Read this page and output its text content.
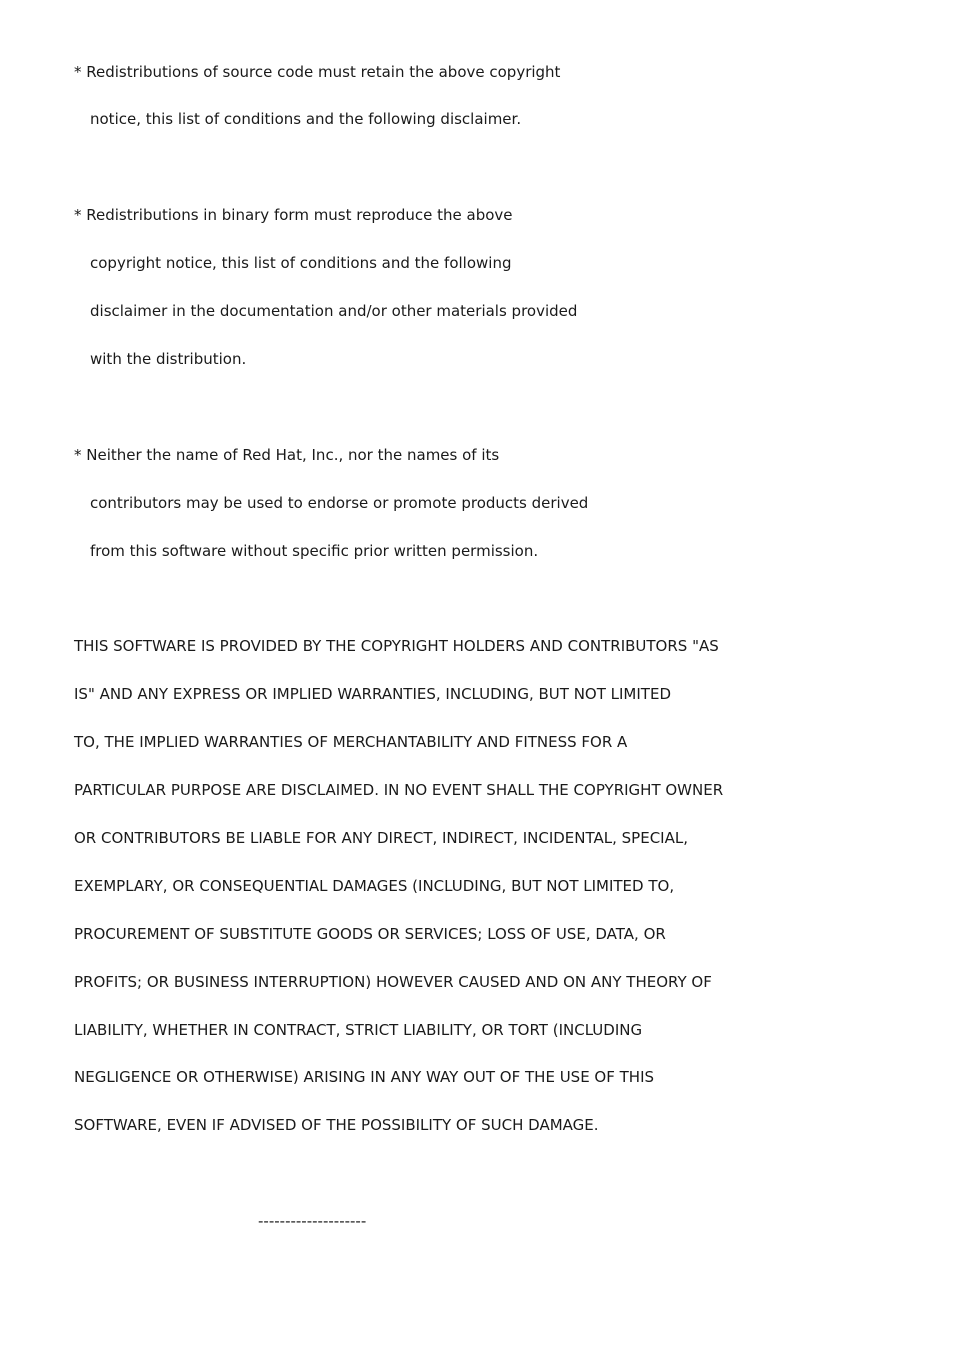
* Redistributions of source code must retain the above copyright
notice, this list of conditions and the following disclaimer.
* Redistributions in binary form must reproduce the above
copyright notice, this list of conditions and the following
disclaimer in the documentation and/or other materials provided
with the distribution.
* Neither the name of Red Hat, Inc., nor the names of its
contributors may be used to endorse or promote products derived
from this software without specific prior written permission.
THIS SOFTWARE IS PROVIDED BY THE COPYRIGHT HOLDERS AND CONTRIBUTORS "AS
IS" AND ANY EXPRESS OR IMPLIED WARRANTIES, INCLUDING, BUT NOT LIMITED
TO, THE IMPLIED WARRANTIES OF MERCHANTABILITY AND FITNESS FOR A
PARTICULAR PURPOSE ARE DISCLAIMED. IN NO EVENT SHALL THE COPYRIGHT OWNER
OR CONTRIBUTORS BE LIABLE FOR ANY DIRECT, INDIRECT, INCIDENTAL, SPECIAL,
EXEMPLARY, OR CONSEQUENTIAL DAMAGES (INCLUDING, BUT NOT LIMITED TO,
PROCUREMENT OF SUBSTITUTE GOODS OR SERVICES; LOSS OF USE, DATA, OR
PROFITS; OR BUSINESS INTERRUPTION) HOWEVER CAUSED AND ON ANY THEORY OF
LIABILITY, WHETHER IN CONTRACT, STRICT LIABILITY, OR TORT (INCLUDING
NEGLIGENCE OR OTHERWISE) ARISING IN ANY WAY OUT OF THE USE OF THIS
SOFTWARE, EVEN IF ADVISED OF THE POSSIBILITY OF SUCH DAMAGE.
--------------------
